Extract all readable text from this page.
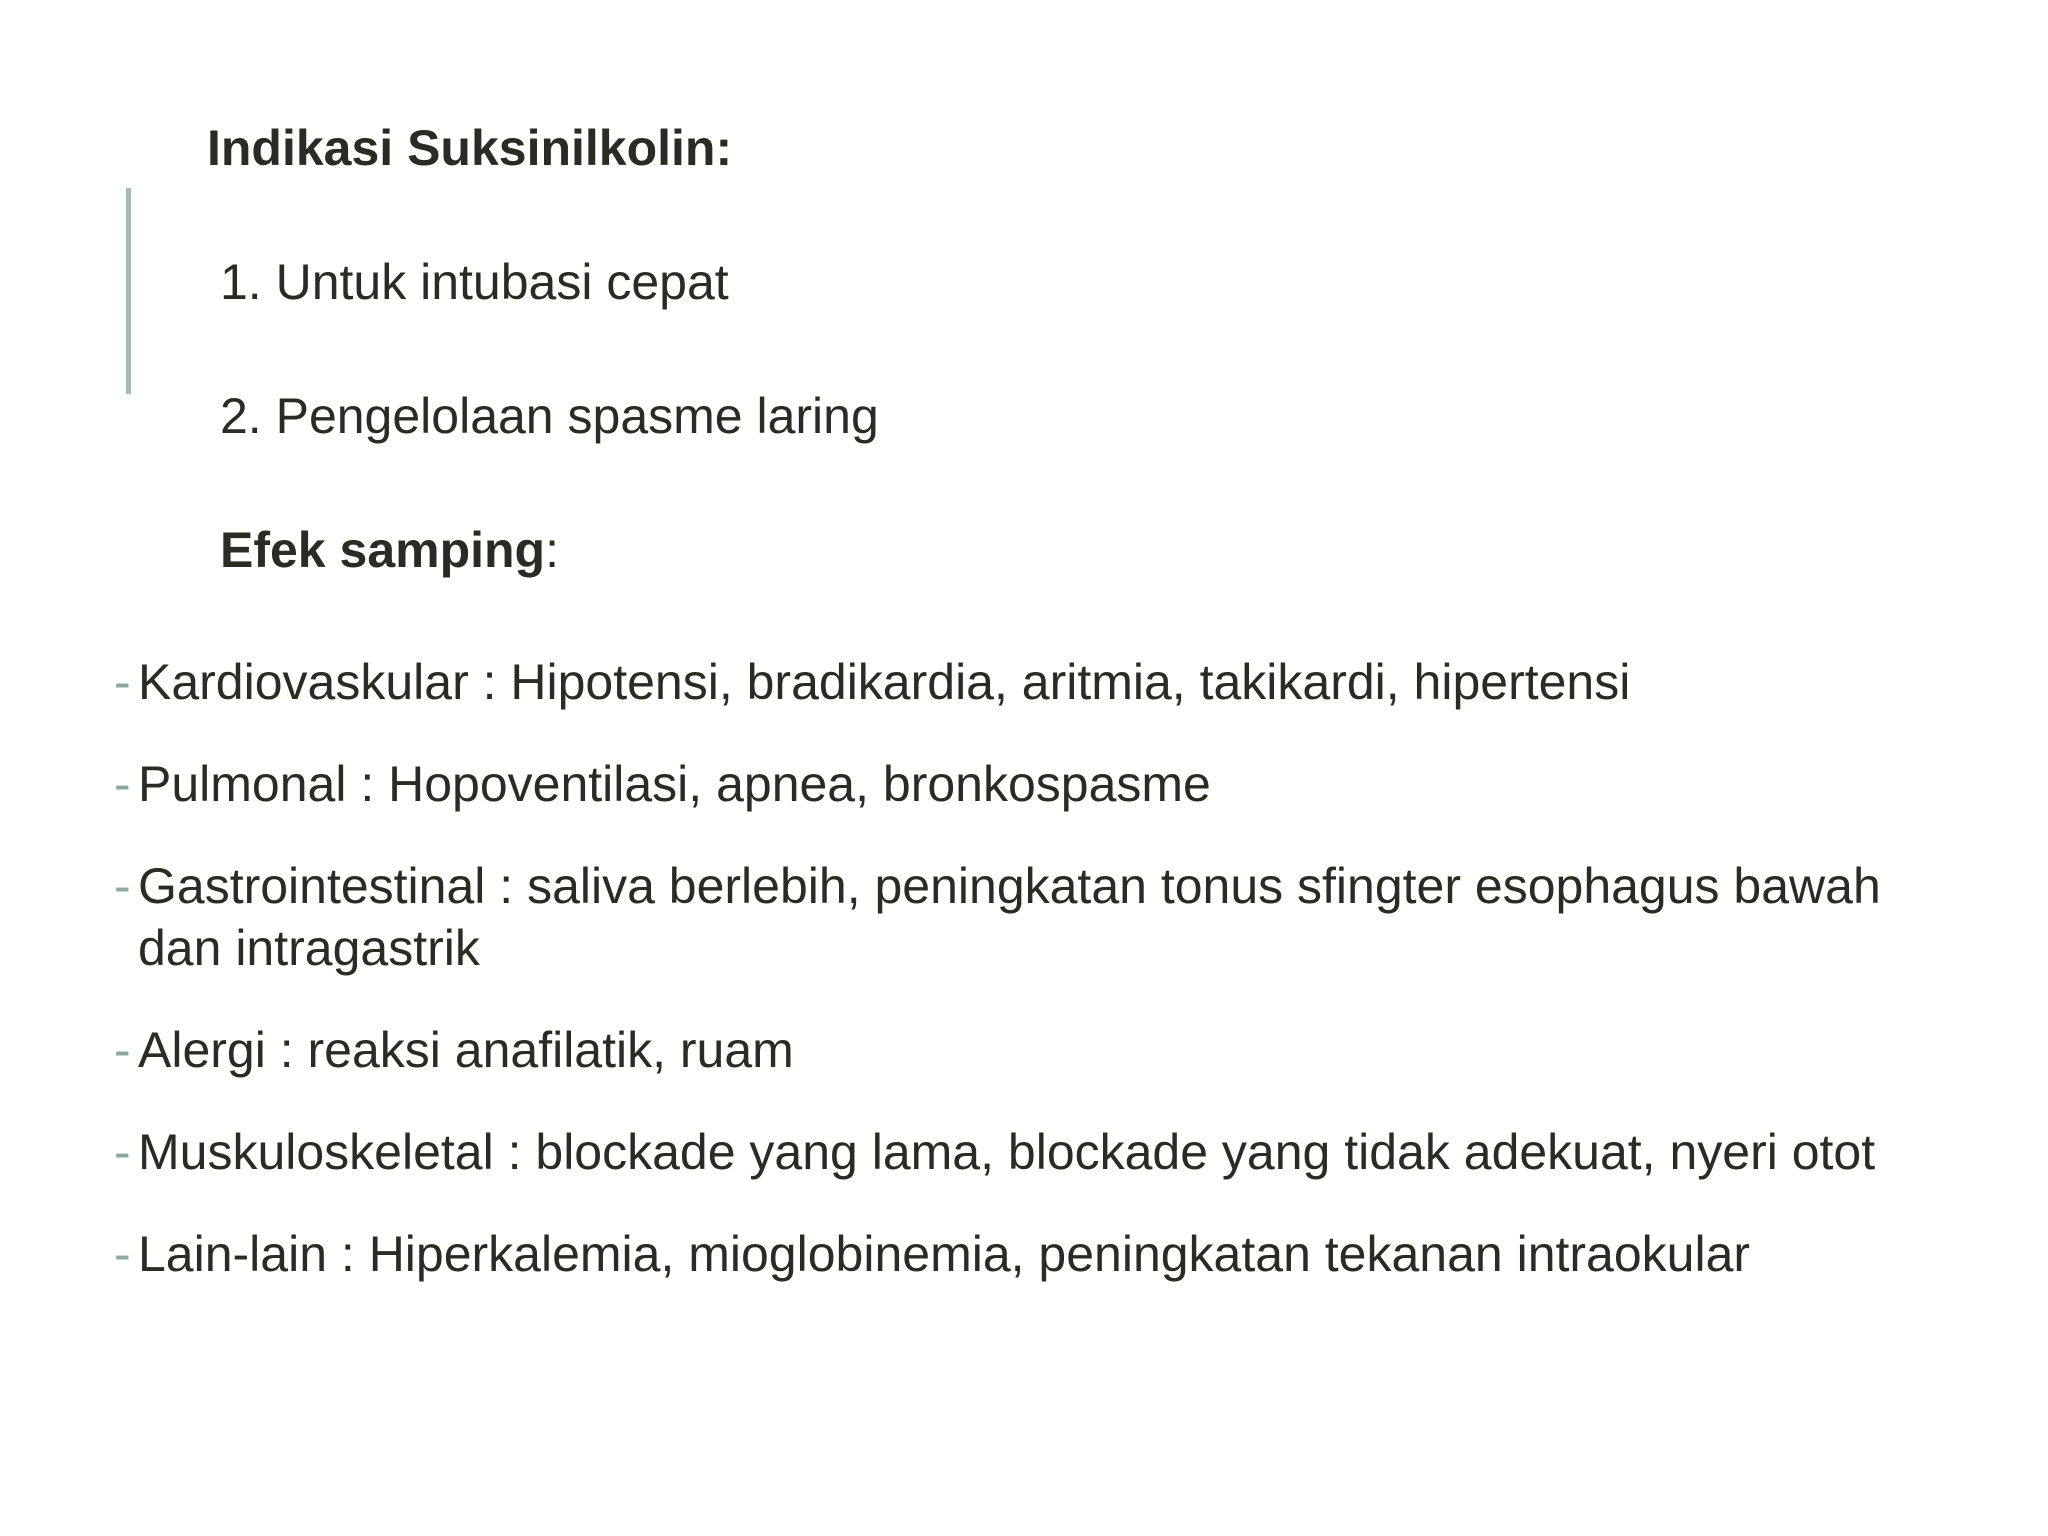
Indikasi Suksinilkolin:
1. Untuk intubasi cepat
2. Pengelolaan spasme laring
Efek samping:
- Kardiovaskular : Hipotensi, bradikardia, aritmia, takikardi, hipertensi
- Pulmonal : Hopoventilasi, apnea, bronkospasme
- Gastrointestinal : saliva berlebih, peningkatan tonus sfingter esophagus bawah dan intragastrik
- Alergi : reaksi anafilatik, ruam
- Muskuloskeletal : blockade yang lama, blockade yang tidak adekuat, nyeri otot
- Lain-lain : Hiperkalemia, mioglobinemia, peningkatan tekanan intraokular
